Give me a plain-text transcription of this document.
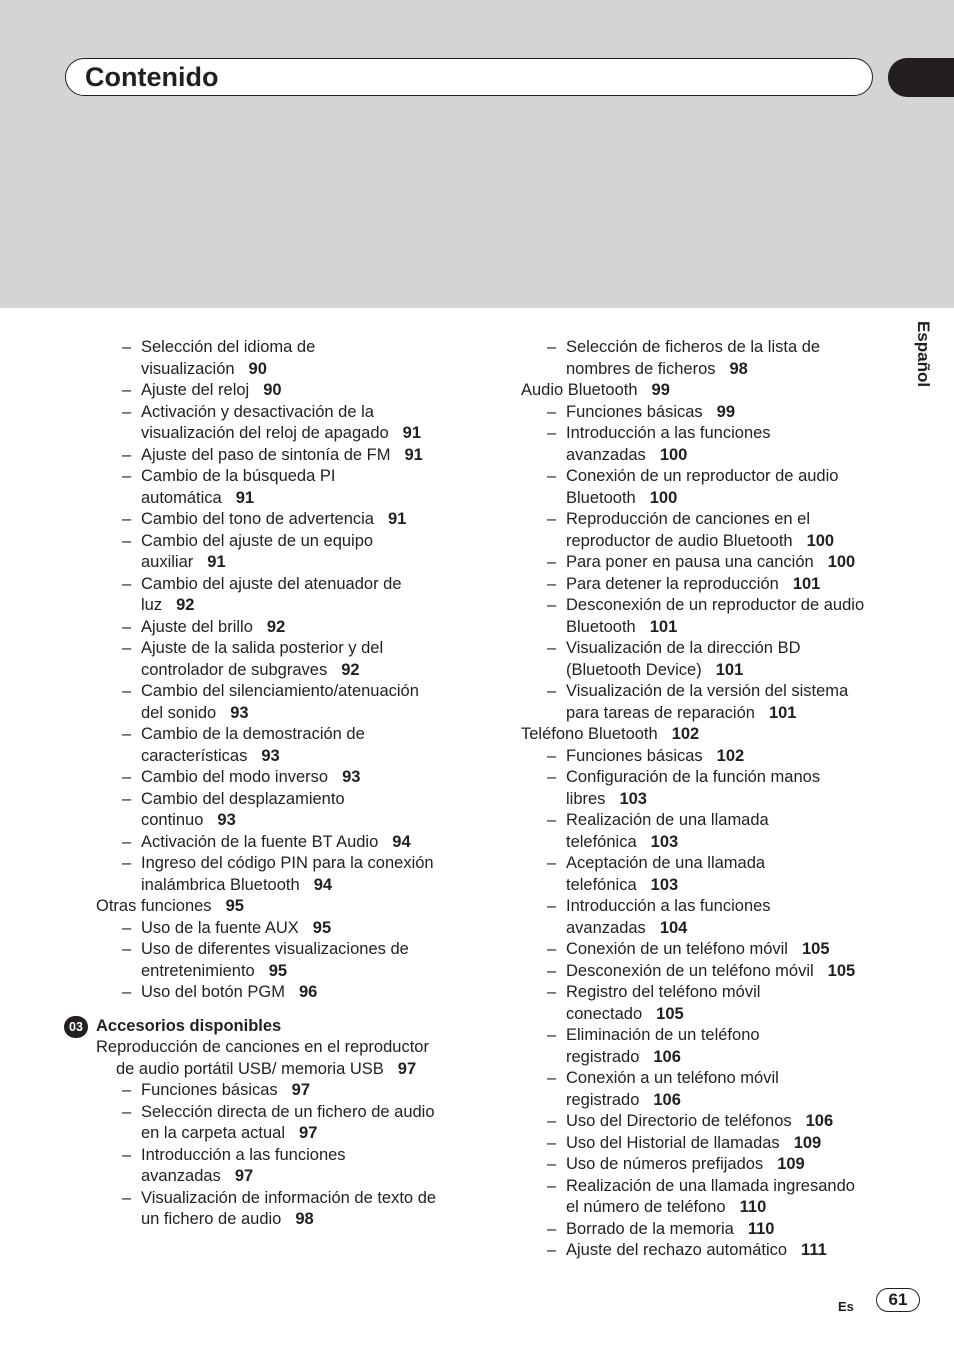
Contenido
Español
– Selección del idioma de visualización 90
– Ajuste del reloj 90
– Activación y desactivación de la visualización del reloj de apagado 91
– Ajuste del paso de sintonía de FM 91
– Cambio de la búsqueda PI automática 91
– Cambio del tono de advertencia 91
– Cambio del ajuste de un equipo auxiliar 91
– Cambio del ajuste del atenuador de luz 92
– Ajuste del brillo 92
– Ajuste de la salida posterior y del controlador de subgraves 92
– Cambio del silenciamiento/atenuación del sonido 93
– Cambio de la demostración de características 93
– Cambio del modo inverso 93
– Cambio del desplazamiento continuo 93
– Activación de la fuente BT Audio 94
– Ingreso del código PIN para la conexión inalámbrica Bluetooth 94
Otras funciones 95
– Uso de la fuente AUX 95
– Uso de diferentes visualizaciones de entretenimiento 95
– Uso del botón PGM 96
03 Accesorios disponibles
Reproducción de canciones en el reproductor de audio portátil USB/ memoria USB 97
– Funciones básicas 97
– Selección directa de un fichero de audio en la carpeta actual 97
– Introducción a las funciones avanzadas 97
– Visualización de información de texto de un fichero de audio 98
– Selección de ficheros de la lista de nombres de ficheros 98
Audio Bluetooth 99
– Funciones básicas 99
– Introducción a las funciones avanzadas 100
– Conexión de un reproductor de audio Bluetooth 100
– Reproducción de canciones en el reproductor de audio Bluetooth 100
– Para poner en pausa una canción 100
– Para detener la reproducción 101
– Desconexión de un reproductor de audio Bluetooth 101
– Visualización de la dirección BD (Bluetooth Device) 101
– Visualización de la versión del sistema para tareas de reparación 101
Teléfono Bluetooth 102
– Funciones básicas 102
– Configuración de la función manos libres 103
– Realización de una llamada telefónica 103
– Aceptación de una llamada telefónica 103
– Introducción a las funciones avanzadas 104
– Conexión de un teléfono móvil 105
– Desconexión de un teléfono móvil 105
– Registro del teléfono móvil conectado 105
– Eliminación de un teléfono registrado 106
– Conexión a un teléfono móvil registrado 106
– Uso del Directorio de teléfonos 106
– Uso del Historial de llamadas 109
– Uso de números prefijados 109
– Realización de una llamada ingresando el número de teléfono 110
– Borrado de la memoria 110
– Ajuste del rechazo automático 111
Es	61
